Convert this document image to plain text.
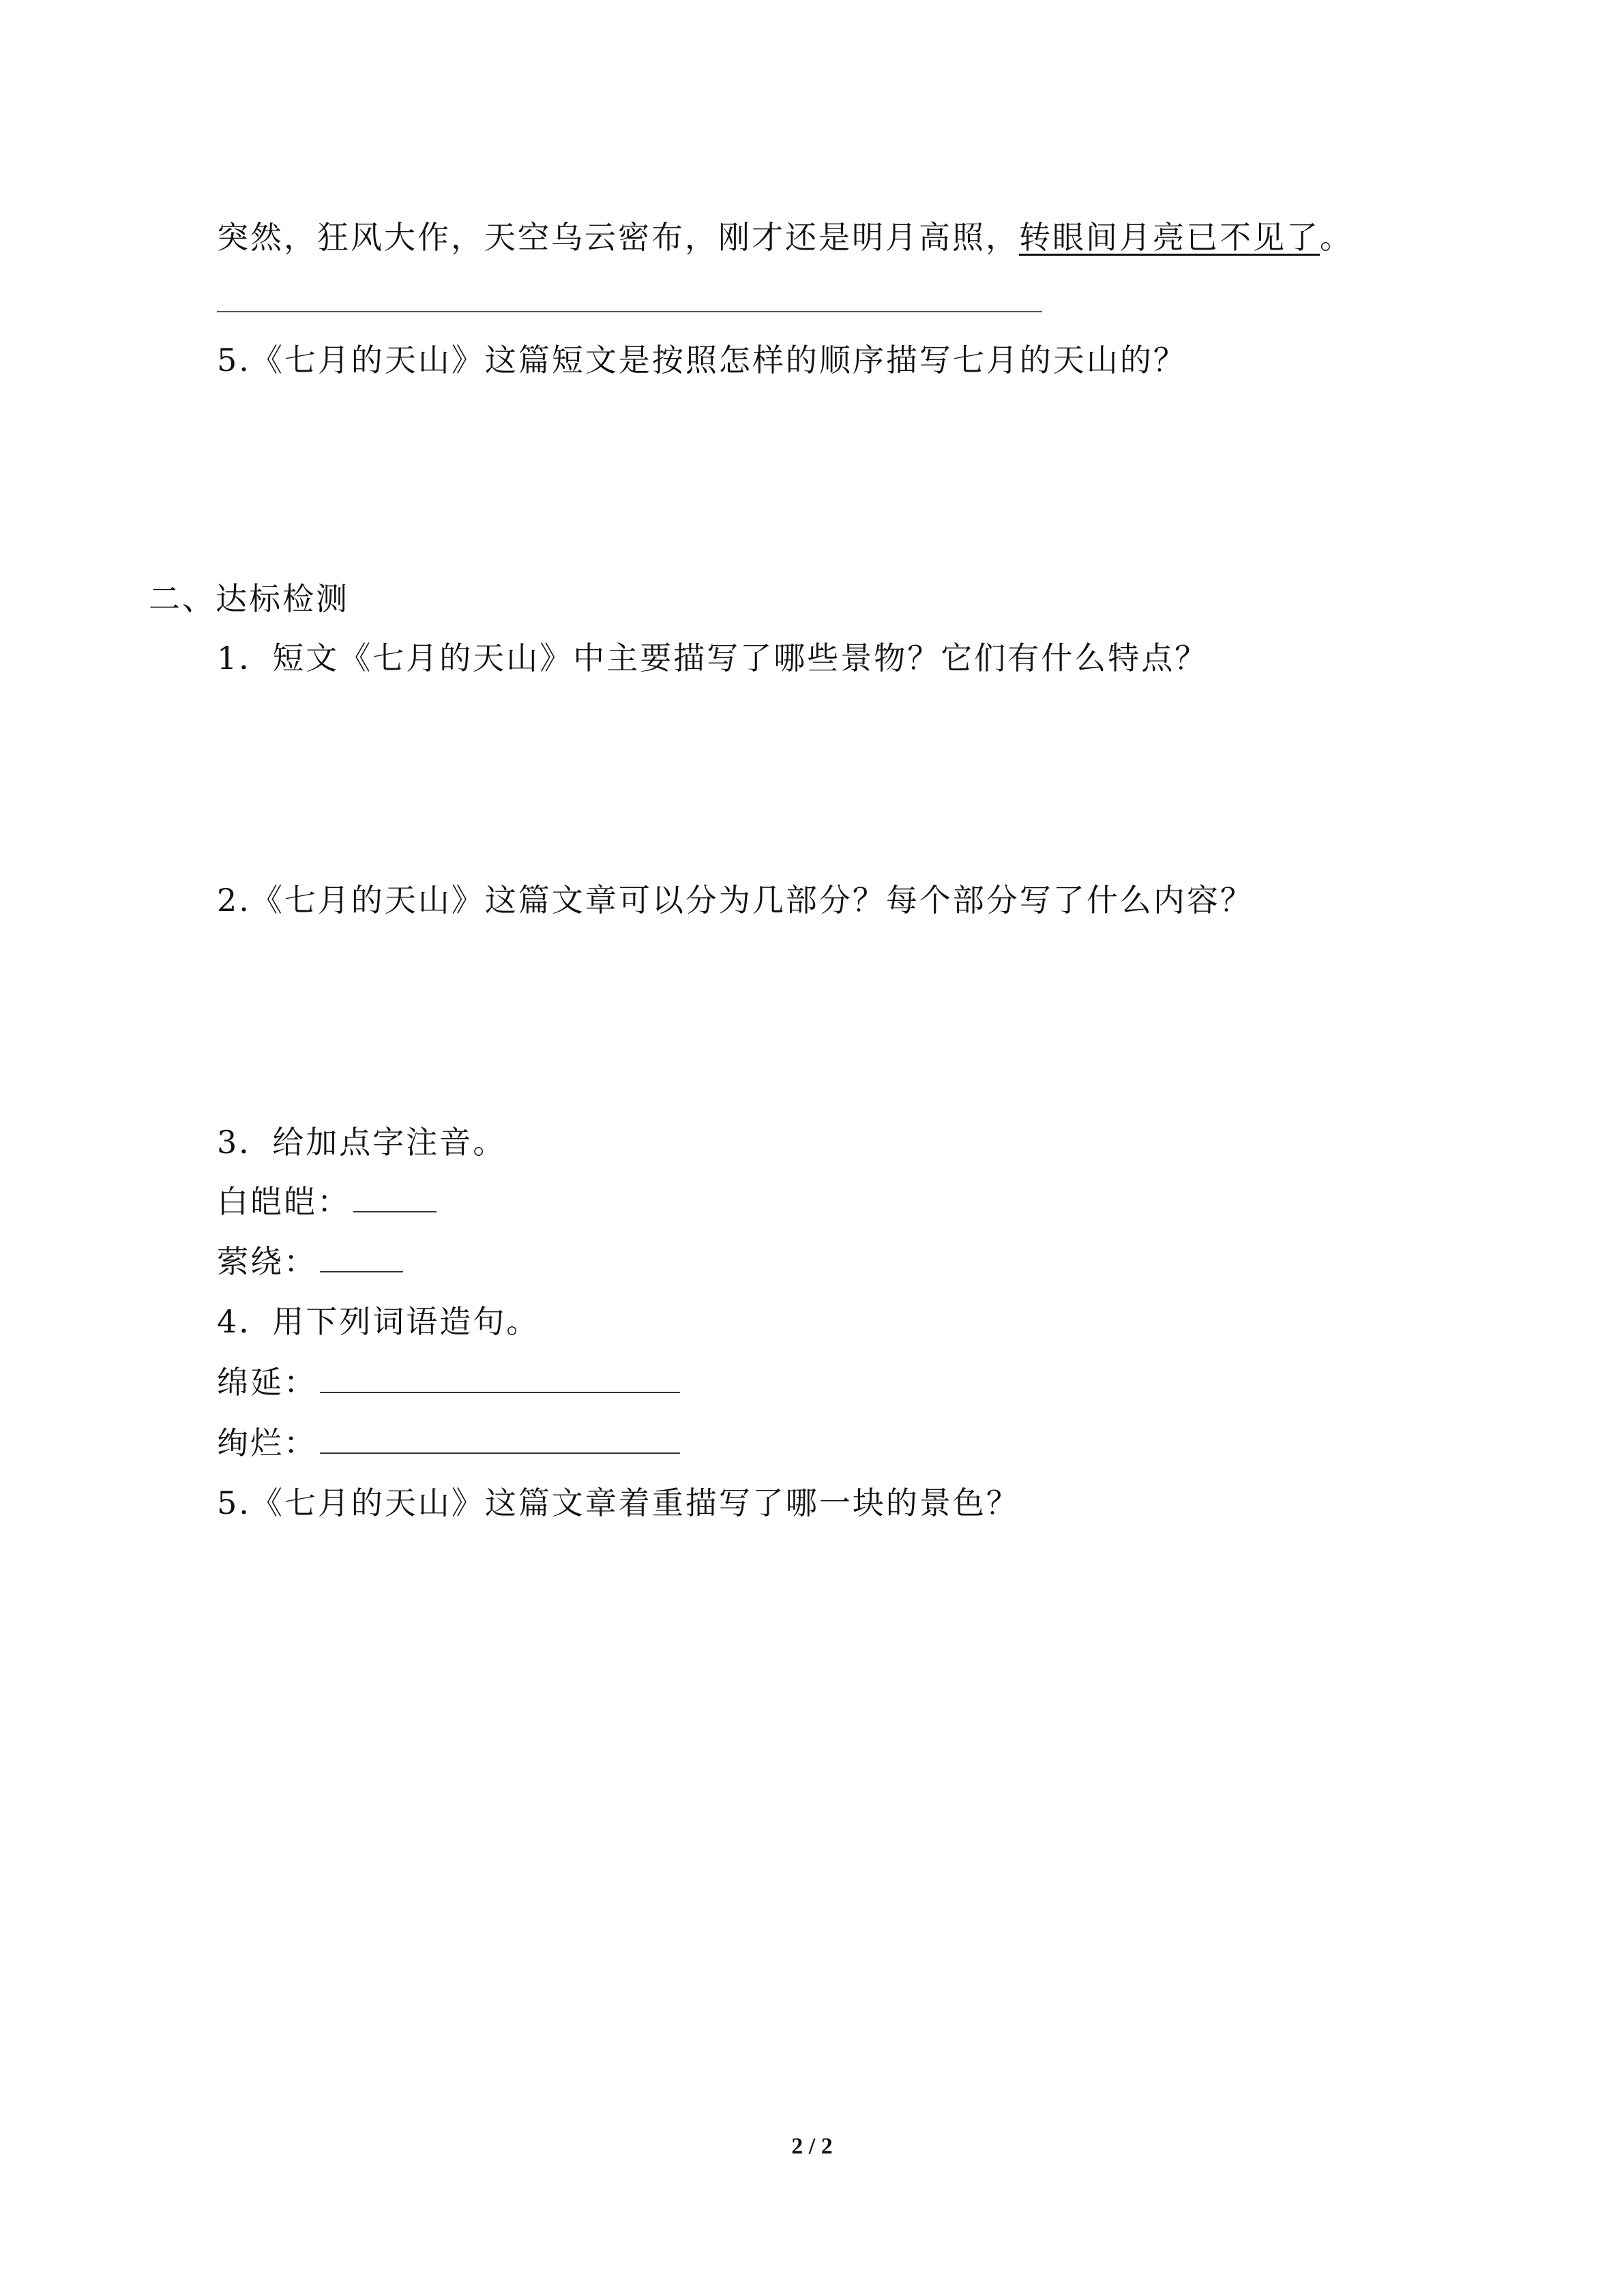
突然，狂风大作，天空乌云密布，刚才还是明月高照，转眼间月亮已不见了。
5.《七月的天山》这篇短文是按照怎样的顺序描写七月的天山的？
二、达标检测
1．短文《七月的天山》中主要描写了哪些景物？它们有什么特点？
2.《七月的天山》这篇文章可以分为几部分？每个部分写了什么内容？
3．给加点字注音。
白皑皑：
萦绕：
4．用下列词语造句。
绵延：
绚烂：
5.《七月的天山》这篇文章着重描写了哪一块的景色？
2 / 2
